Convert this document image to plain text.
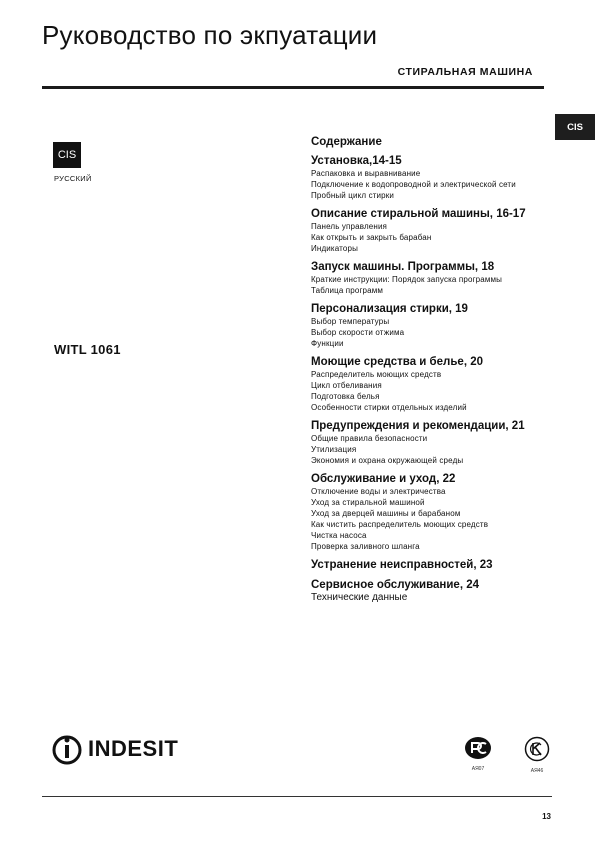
Руководство по экпуатации
СТИРАЛЬНАЯ МАШИНА
CIS
CIS
РУССКИЙ
WITL 1061
Содержание
Установка,14-15
Распаковка и выравнивание
Подключение к водопроводной и электрической сети
Пробный цикл стирки
Описание стиральной машины, 16-17
Панель управления
Как открыть и закрыть барабан
Индикаторы
Запуск машины. Программы, 18
Краткие инструкции: Порядок запуска программы
Таблица программ
Персонализация стирки, 19
Выбор температуры
Выбор скорости отжима
Функции
Моющие средства и белье, 20
Распределитель моющих средств
Цикл отбеливания
Подготовка белья
Особенности стирки отдельных изделий
Предупреждения и рекомендации, 21
Общие правила безопасности
Утилизация
Экономия и охрана окружающей среды
Обслуживание и уход, 22
Отключение воды и электричества
Уход за стиральной машиной
Уход за дверцей машины и барабаном
Как чистить распределитель моющих средств
Чистка насоса
Проверка заливного шланга
Устранение неисправностей, 23
Сервисное обслуживание, 24
Технические данные
INDESIT
АЯ07	АЯ46
13
